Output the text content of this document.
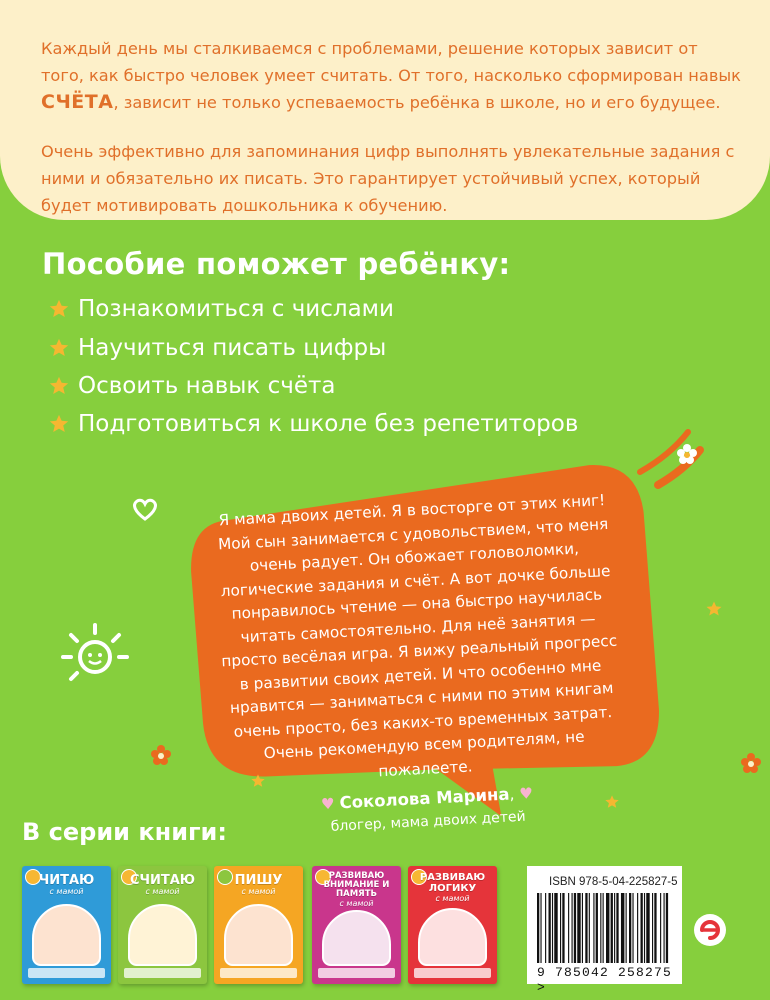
Каждый день мы сталкиваемся с проблемами, решение которых зависит от того, как быстро человек умеет считать. От того, насколько сформирован навык СЧЁТА, зависит не только успеваемость ребёнка в школе, но и его будущее.

Очень эффективно для запоминания цифр выполнять увлекательные задания с ними и обязательно их писать. Это гарантирует устойчивый успех, который будет мотивировать дошкольника к обучению.

Пособие поможет ребёнку:
Познакомиться с числами
Научиться писать цифры
Освоить навык счёта
Подготовиться к школе без репетиторов
Я мама двоих детей. Я в восторге от этих книг! Мой сын занимается с удовольствием, что меня очень радует. Он обожает головоломки, логические задания и счёт. А вот дочке больше понравилось чтение — она быстро научилась читать самостоятельно. Для неё занятия — просто весёлая игра. Я вижу реальный прогресс в развитии своих детей. И что особенно мне нравится — заниматься с ними по этим книгам очень просто, без каких-то временных затрат. Очень рекомендую всем родителям, не пожалеете.
♥ Соколова Марина, ♥
блогер, мама двоих детей
В серии книги:
ЧИТАЮ
с мамой
СЧИТАЮ
с мамой
ПИШУ
с мамой
РАЗВИВАЮ ВНИМАНИЕ И ПАМЯТЬ
с мамой
РАЗВИВАЮ ЛОГИКУ
с мамой
ISBN 978-5-04-225827-5
9 785042 258275 >
